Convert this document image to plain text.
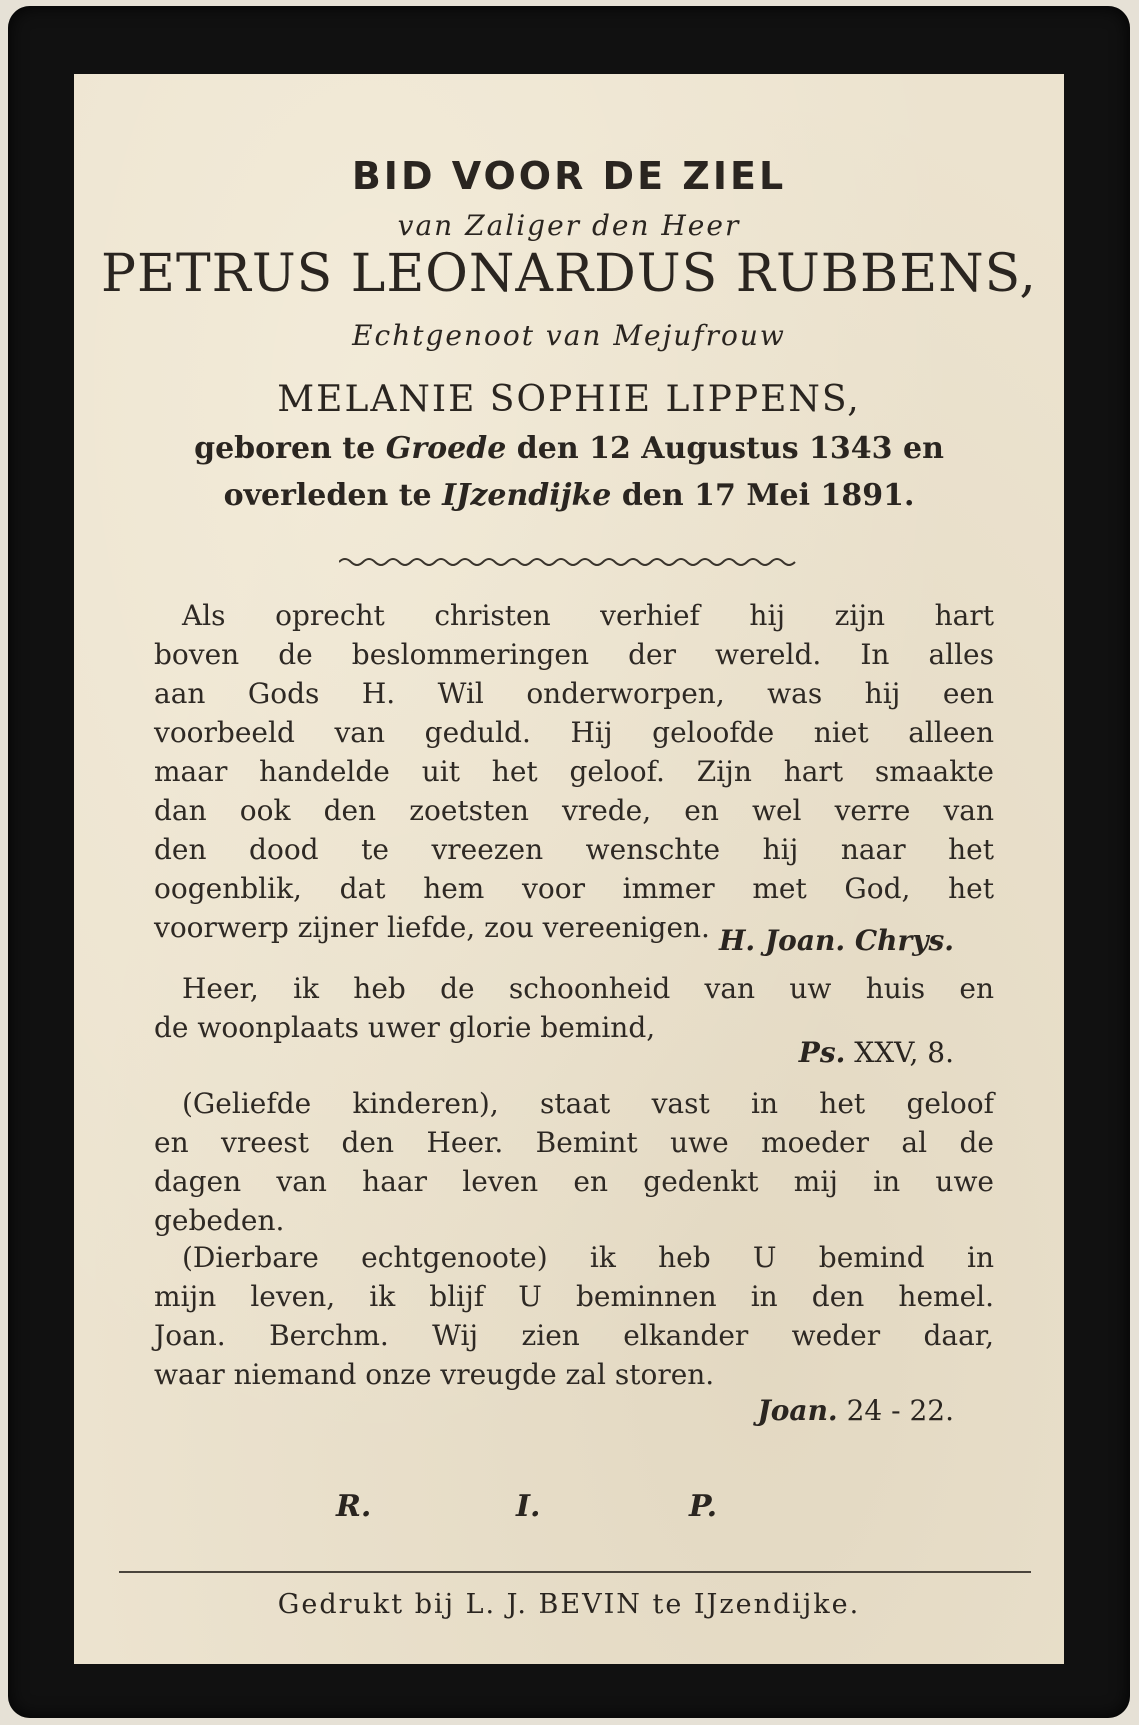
BID VOOR DE ZIEL
van Zaliger den Heer
PETRUS LEONARDUS RUBBENS,
Echtgenoot van Mejufrouw
MELANIE SOPHIE LIPPENS,
geboren te Groede den 12 Augustus 1343 en
overleden te IJzendijke den 17 Mei 1891.
Als oprecht christen verhief hij zijn hart
boven de beslommeringen der wereld. In alles
aan Gods H. Wil onderworpen, was hij een
voorbeeld van geduld. Hij geloofde niet alleen
maar handelde uit het geloof. Zijn hart smaakte
dan ook den zoetsten vrede, en wel verre van
den dood te vreezen wenschte hij naar het
oogenblik, dat hem voor immer met God, het
voorwerp zijner liefde, zou vereenigen. H. Joan. Chrys.
Heer, ik heb de schoonheid van uw huis en
de woonplaats uwer glorie bemind,
Ps. XXV, 8.
(Geliefde kinderen), staat vast in het geloof
en vreest den Heer. Bemint uwe moeder al de
dagen van haar leven en gedenkt mij in uwe
gebeden.
(Dierbare echtgenoote) ik heb U bemind in
mijn leven, ik blijf U beminnen in den hemel.
Joan. Berchm. Wij zien elkander weder daar,
waar niemand onze vreugde zal storen.
Joan. 24 - 22.
R.	I.	P.
Gedrukt bij L. J. BEVIN te IJzendijke.
